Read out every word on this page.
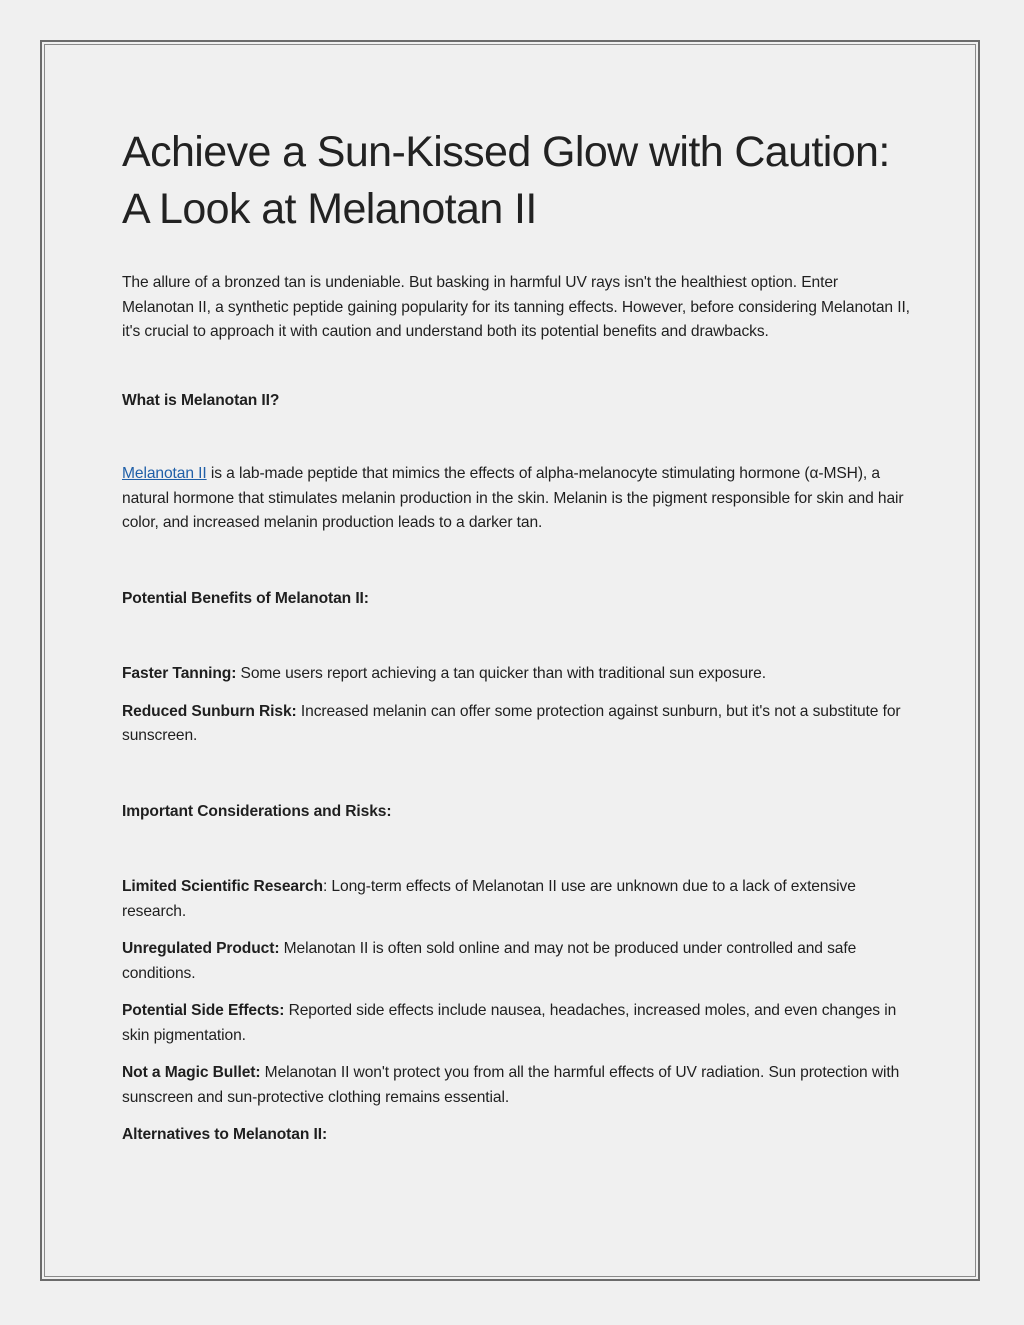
Achieve a Sun-Kissed Glow with Caution: A Look at Melanotan II

The allure of a bronzed tan is undeniable. But basking in harmful UV rays isn't the healthiest option. Enter Melanotan II, a synthetic peptide gaining popularity for its tanning effects. However, before considering Melanotan II, it's crucial to approach it with caution and understand both its potential benefits and drawbacks.

What is Melanotan II?

Melanotan II is a lab-made peptide that mimics the effects of alpha-melanocyte stimulating hormone (α-MSH), a natural hormone that stimulates melanin production in the skin. Melanin is the pigment responsible for skin and hair color, and increased melanin production leads to a darker tan.

Potential Benefits of Melanotan II:

Faster Tanning: Some users report achieving a tan quicker than with traditional sun exposure.

Reduced Sunburn Risk: Increased melanin can offer some protection against sunburn, but it's not a substitute for sunscreen.

Important Considerations and Risks:

Limited Scientific Research: Long-term effects of Melanotan II use are unknown due to a lack of extensive research.

Unregulated Product: Melanotan II is often sold online and may not be produced under controlled and safe conditions.

Potential Side Effects: Reported side effects include nausea, headaches, increased moles, and even changes in skin pigmentation.

Not a Magic Bullet: Melanotan II won't protect you from all the harmful effects of UV radiation. Sun protection with sunscreen and sun-protective clothing remains essential.

Alternatives to Melanotan II:
